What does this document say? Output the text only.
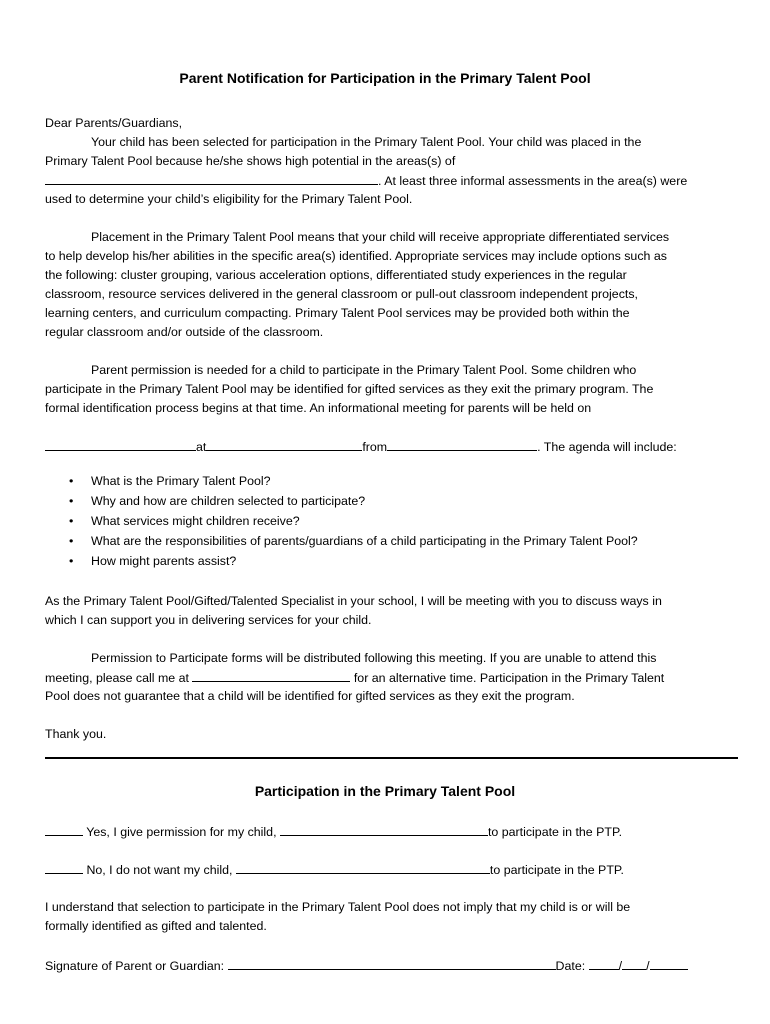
Parent Notification for Participation in the Primary Talent Pool
Dear Parents/Guardians,
Your child has been selected for participation in the Primary Talent Pool. Your child was placed in the
Primary Talent Pool because he/she shows high potential in the areas(s) of
. At least three informal assessments in the area(s) were
used to determine your child’s eligibility for the Primary Talent Pool.
Placement in the Primary Talent Pool means that your child will receive appropriate differentiated services
to help develop his/her abilities in the specific area(s) identified. Appropriate services may include options such as
the following: cluster grouping, various acceleration options, differentiated study experiences in the regular
classroom, resource services delivered in the general classroom or pull-out classroom independent projects,
learning centers, and curriculum compacting. Primary Talent Pool services may be provided both within the
regular classroom and/or outside of the classroom.
Parent permission is needed for a child to participate in the Primary Talent Pool. Some children who
participate in the Primary Talent Pool may be identified for gifted services as they exit the primary program. The
formal identification process begins at that time. An informational meeting for parents will be held on
at	from	. The agenda will include:
• What is the Primary Talent Pool?
• Why and how are children selected to participate?
• What services might children receive?
• What are the responsibilities of parents/guardians of a child participating in the Primary Talent Pool?
• How might parents assist?
As the Primary Talent Pool/Gifted/Talented Specialist in your school, I will be meeting with you to discuss ways in
which I can support you in delivering services for your child.
Permission to Participate forms will be distributed following this meeting. If you are unable to attend this
meeting, please call me at	for an alternative time. Participation in the Primary Talent
Pool does not guarantee that a child will be identified for gifted services as they exit the program.
Thank you.
Participation in the Primary Talent Pool
Yes, I give permission for my child,	to participate in the PTP.
No, I do not want my child,	to participate in the PTP.
I understand that selection to participate in the Primary Talent Pool does not imply that my child is or will be
formally identified as gifted and talented.
Signature of Parent or Guardian:	Date:	/ /
